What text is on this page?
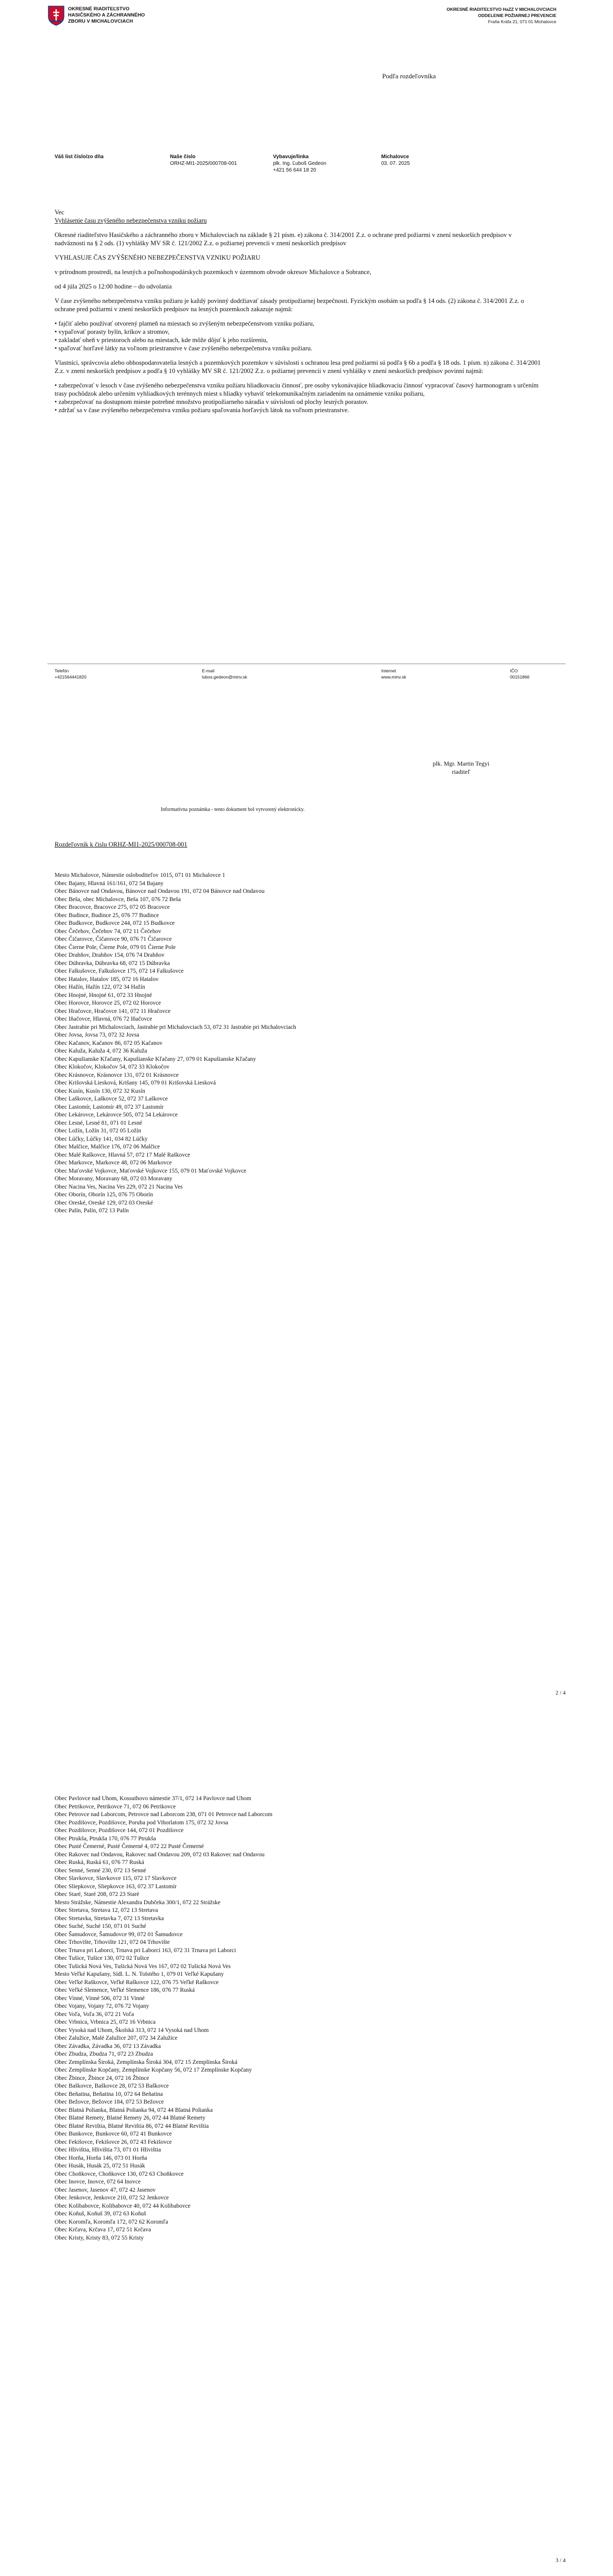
OKRESNÉ RIADITEĽSTVO HASIČSKÉHO A ZÁCHRANNÉHO ZBORU V MICHALOVCIACH
OKRESNÉ RIADITEĽSTVO HaZZ V MICHALOVCIACH
ODDELENIE POŽIARNEJ PREVENCIE
Fraňa Kráľa 21, 071 01 Michalovce
Podľa rozdeľovníka
Váš list číslo/zo dňa	Naše číslo
ORHZ-MI1-2025/000708-001
Vybavuje/linka
plk. Ing. Ľuboš Gedeon
+421 56 644 18 20
Michalovce
03. 07. 2025
Vec

Vyhlásenie času zvýšeného nebezpečenstva vzniku požiaru

Okresné riaditeľstvo Hasičského a záchranného zboru v Michalovciach na základe § 21 písm. e) zákona č. 314/2001 Z.z. o ochrane pred požiarmi v znení neskorších predpisov v nadväznosti na § 2 ods. (1) vyhlášky MV SR č. 121/2002 Z.z. o požiarnej prevencii v znení neskorších predpisov

VYHLASUJE ČAS ZVÝŠENÉHO NEBEZPEČENSTVA VZNIKU POŽIARU

v prírodnom prostredí, na lesných a poľnohospodárskych pozemkoch v územnom obvode okresov Michalovce a Sobrance,

od 4 júla 2025 o 12:00 hodine – do odvolania

V čase zvýšeného nebezpečenstva vzniku požiaru je každý povinný dodržiavať zásady protipožiarnej bezpečnosti. Fyzickým osobám sa podľa § 14 ods. (2) zákona č. 314/2001 Z.z. o ochrane pred požiarmi v znení neskorších predpisov na lesných pozemkoch zakazuje najmä:

• fajčiť alebo používať otvorený plameň na miestach so zvýšeným nebezpečenstvom vzniku požiaru,
• vypaľovať porasty bylín, kríkov a stromov,
• zakladať oheň v priestoroch alebo na miestach, kde môže dôjsť k jeho rozšíreniu,
• spaľovať horľavé látky na voľnom priestranstve v čase zvýšeného nebezpečenstva vzniku požiaru.

Vlastníci, správcovia alebo obhospodarovatelia lesných a pozemkových pozemkov v súvislosti s ochranou lesa pred požiarmi sú podľa § 6b a podľa § 18 ods. 1 písm. n) zákona č. 314/2001 Z.z. v znení neskorších predpisov a podľa § 10 vyhlášky MV SR č. 121/2002 Z.z. o požiarnej prevencii v znení vyhlášky v znení neskorších predpisov povinní najmä:

• zabezpečovať v lesoch v čase zvýšeného nebezpečenstva vzniku požiaru hliadkovaciu činnosť, pre osoby vykonávajúce hliadkovaciu činnosť vypracovať časový harmonogram s určením trasy pochôdzok alebo určením vyhliadkových terénnych miest s hliadky vybaviť telekomunikačným zariadením na oznámenie vzniku požiaru,
• zabezpečovať na dostupnom mieste potrebné množstvo protipožiarneho náradia v súvislosti od plochy lesných porastov.
• zdržať sa v čase zvýšeného nebezpečenstva vzniku požiaru spaľovania horľavých látok na voľnom priestranstve.
Telefón
+421564441820
E-mail
lubos.gedeon@minv.sk
Internet
www.minv.sk
IČO
00151866
plk. Mgr. Martin Tegyi
riaditeľ
Informatívna poznámka - tento dokument bol vytvorený elektronicky.
Rozdeľovník k čislu ORHZ-MI1-2025/000708-001
Mesto Michalovce, Námestie osloboditeľov 1015, 071 01 Michalovce 1
Obec Bajany, Hlavná 161/161, 072 54 Bajany
Obec Bánovce nad Ondavou, Bánovce nad Ondavou 191, 072 04 Bánovce nad Ondavou
Obec Beša, obec Michalovce, Beša 107, 076 72 Beša
Obec Bracovce, Bracovce 275, 072 05 Bracovce
Obec Budince, Budince 25, 076 77 Budince
Obec Budkovce, Budkovce 244, 072 15 Budkovce
Obec Čečehov, Čečehov 74, 072 11 Čečehov
Obec Čičarovce, Čičarovce 90, 076 71 Čičarovce
Obec Čierne Pole, Čierne Pole, 079 01 Čierne Pole
Obec Drahňov, Drahňov 154, 076 74 Drahňov
Obec Dúbravka, Dúbravka 68, 072 15 Dúbravka
Obec Falkušovce, Falkušovce 175, 072 14 Falkušovce
Obec Hatalov, Hatalov 185, 072 16 Hatalov
Obec Hažín, Hažín 122, 072 34 Hažín
Obec Hnojné, Hnojné 61, 072 33 Hnojné
Obec Horovce, Horovce 25, 072 02 Horovce
Obec Hračovce, Hračovce 141, 072 11 Hračovce
Obec Iňačovce, Hlavná, 076 72 Iňačovce
Obec Jastrabie pri Michalovciach, Jastrabie pri Michalovciach 53, 072 31 Jastrabie pri Michalovciach
Obec Jovsa, Jovsa 73, 072 32 Jovsa
Obec Kačanov, Kačanov 86, 072 05 Kačanov
Obec Kaluža, Kaluža 4, 072 36 Kaluža
Obec Kapušianske Kľačany, Kapušianske Kľačany 27, 079 01 Kapušianske Kľačany
Obec Klokočov, Klokočov 54, 072 33 Klokočov
Obec Krásnovce, Krásnovce 131, 072 01 Krásnovce
Obec Krišovská Liesková, Krišany 145, 079 01 Krišovská Liesková
Obec Kusín, Kusín 130, 072 32 Kusín
Obec Laškovce, Laškovce 52, 072 37 Laškovce
Obec Lastomír, Lastomír 49, 072 37 Lastomír
Obec Lekárovce, Lekárovce 505, 072 54 Lekárovce
Obec Lesné, Lesné 81, 071 01 Lesné
Obec Ložín, Ložín 31, 072 05 Ložín
Obec Lúčky, Lúčky 141, 034 82 Lúčky
Obec Malčice, Malčice 176, 072 06 Malčice
Obec Malé Raškovce, Hlavná 57, 072 17 Malé Raškovce
Obec Markovce, Markovce 48, 072 06 Markovce
Obec Maťovské Vojkovce, Maťovské Vojkovce 155, 079 01 Maťovské Vojkovce
Obec Moravany, Moravany 68, 072 03 Moravany
Obec Nacina Ves, Nacina Ves 229, 072 21 Nacina Ves
Obec Oborín, Oborín 125, 076 75 Oborín
Obec Oreské, Oreské 129, 072 03 Oreské
Obec Palín, Palín, 072 13 Palín
2 / 4
Obec Pavlovce nad Uhom, Kossuthovo námestie 37/1, 072 14 Pavlovce nad Uhom
Obec Petrikovce, Petrikovce 71, 072 06 Petrikovce
Obec Petrovce nad Laborcom, Petrovce nad Laborcom 238, 071 01 Petrovce nad Laborcom
Obec Pozdišovce, Pozdišovce, Poruba pod Vihorlatom 175, 072 32 Jovsa
Obec Pozdišovce, Pozdišovce 144, 072 01 Pozdišovce
Obec Ptrukša, Ptrukša 170, 076 77 Ptrukša
Obec Pusté Čemerné, Pusté Čemerné 4, 072 22 Pusté Čemerné
Obec Rakovec nad Ondavou, Rakovec nad Ondavou 209, 072 03 Rakovec nad Ondavou
Obec Ruská, Ruská 61, 076 77 Ruská
Obec Senné, Senné 230, 072 13 Senné
Obec Slavkovce, Slavkovce 115, 072 17 Slavkovce
Obec Sliepkovce, Sliepkovce 163, 072 37 Lastomír
Obec Staré, Staré 208, 072 23 Staré
Mesto Strážske, Námestie Alexandra Dubčeka 300/1, 072 22 Strážske
Obec Stretava, Stretava 12, 072 13 Stretava
Obec Stretavka, Stretavka 7, 072 13 Stretavka
Obec Suché, Suché 150, 071 01 Suché
Obec Šamudovce, Šamudovce 99, 072 01 Šamudovce
Obec Trhovište, Trhovište 121, 072 04 Trhovište
Obec Trnava pri Laborci, Trnava pri Laborci 163, 072 31 Trnava pri Laborci
Obec Tušice, Tušice 130, 072 02 Tušice
Obec Tušická Nová Ves, Tušická Nová Ves 167, 072 02 Tušická Nová Ves
Mesto Veľké Kapušany, Sídl. L. N. Tolstého 1, 079 01 Veľké Kapušany
Obec Veľké Raškovce, Veľké Raškovce 122, 076 75 Veľké Raškovce
Obec Veľké Slemence, Veľké Slemence 186, 076 77 Ruská
Obec Vinné, Vinné 506, 072 31 Vinné
Obec Vojany, Vojany 72, 076 72 Vojany
Obec Voľa, Voľa 36, 072 21 Voľa
Obec Vrbnica, Vrbnica 25, 072 16 Vrbnica
Obec Vysoká nad Uhom, Školská 313, 072 14 Vysoká nad Uhom
Obec Zalužice, Malé Zalužice 207, 072 34 Zalužice
Obec Závadka, Závadka 36, 072 13 Závadka
Obec Zbudza, Zbudza 71, 072 23 Zbudza
Obec Zemplínska Široká, Zemplínska Široká 304, 072 15 Zemplínska Široká
Obec Zemplínske Kopčany, Zemplínske Kopčany 56, 072 17 Zemplínske Kopčany
Obec Žbince, Žbince 24, 072 16 Žbince
Obec Baškovce, Baškovce 28, 072 53 Baškovce
Obec Beňatina, Beňatina 10, 072 64 Beňatina
Obec Bežovce, Bežovce 184, 072 53 Bežovce
Obec Blatná Polianka, Blatná Polianka 94, 072 44 Blatná Polianka
Obec Blatné Remety, Blatné Remety 26, 072 44 Blatné Remety
Obec Blatné Revištia, Blatné Revištia 86, 072 44 Blatné Revištia
Obec Bunkovce, Bunkovce 60, 072 41 Bunkovce
Obec Fekišovce, Fekišovce 26, 072 43 Fekišovce
Obec Hlivištia, Hlivištia 73, 071 01 Hlivištia
Obec Horňa, Horňa 146, 073 01 Horňa
Obec Husák, Husák 25, 072 51 Husák
Obec Choňkovce, Choňkovce 130, 072 63 Choňkovce
Obec Inovce, Inovce, 072 64 Inovce
Obec Jasenov, Jasenov 47, 072 42 Jasenov
Obec Jenkovce, Jenkovce 210, 072 52 Jenkovce
Obec Kolibabovce, Kolibabovce 40, 072 44 Kolibabovce
Obec Koňuš, Koňuš 39, 072 63 Koňuš
Obec Koromľa, Koromľa 172, 072 62 Koromľa
Obec Krčava, Krčava 17, 072 51 Krčava
Obec Kristy, Kristy 83, 072 55 Kristy
3 / 4
